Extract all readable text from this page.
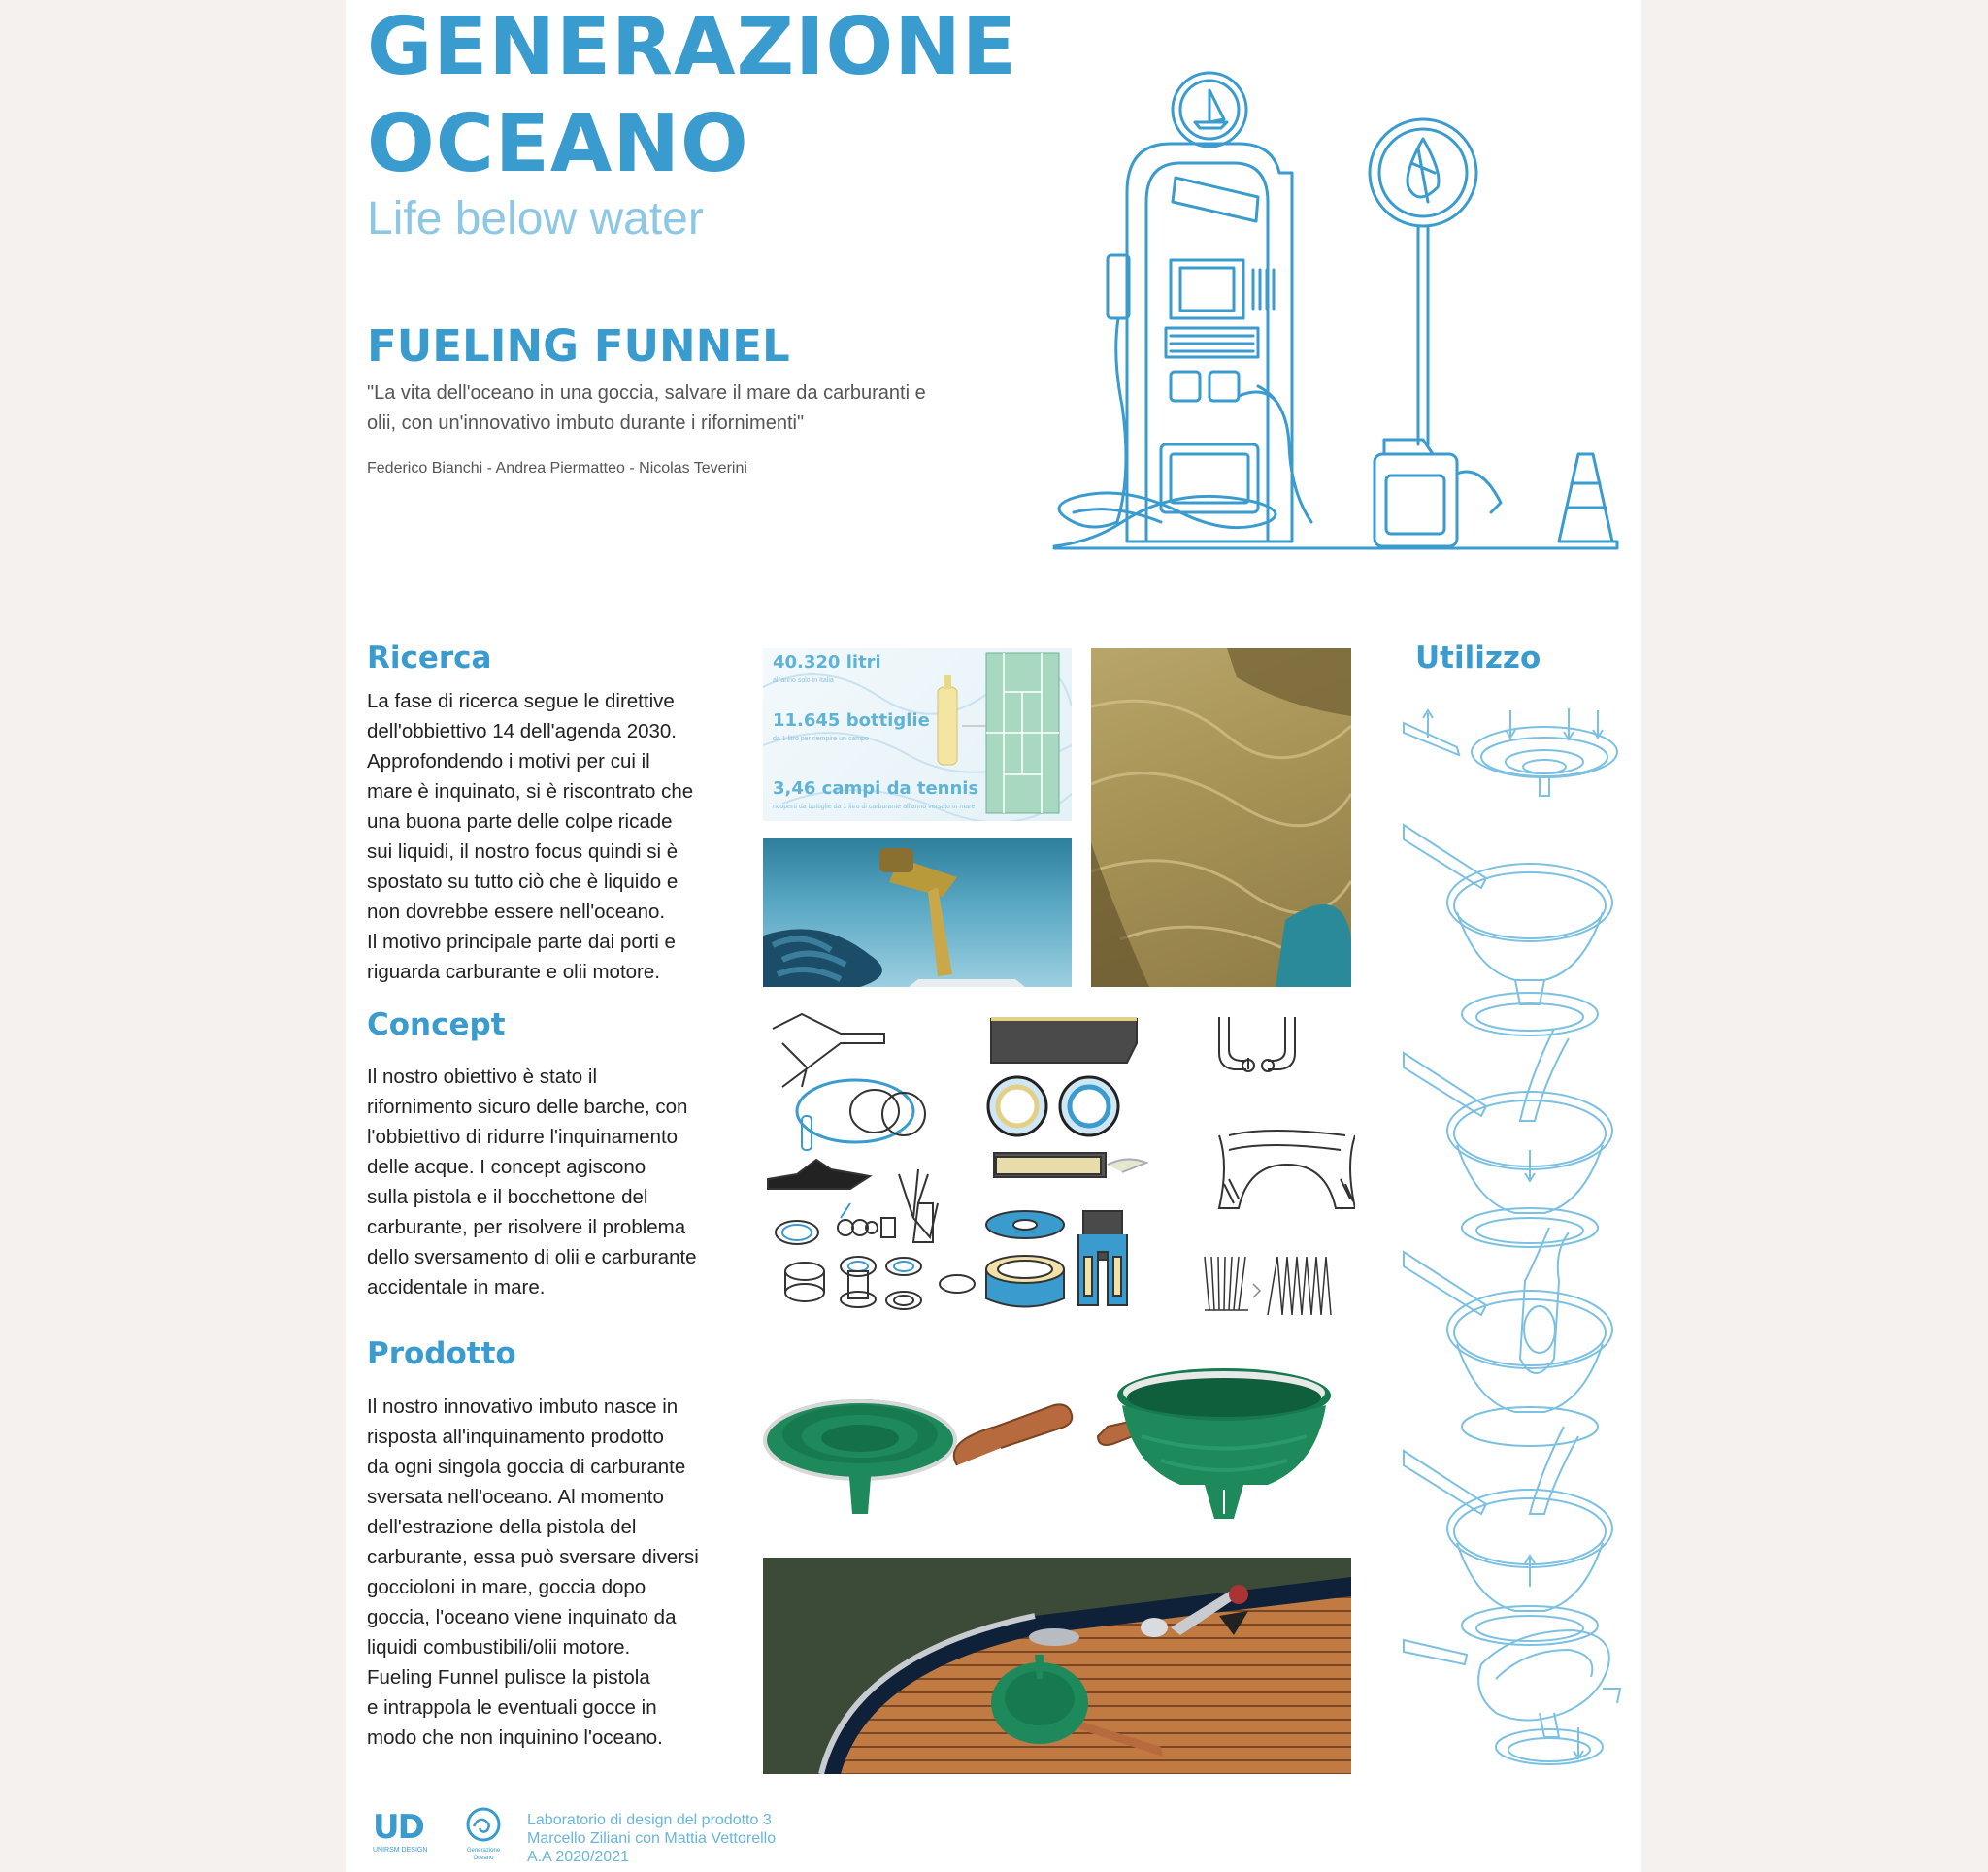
GENERAZIONE
OCEANO
Life below water
FUELING FUNNEL
"La vita dell'oceano in una goccia, salvare il mare da carburanti e
olii, con un'innovativo imbuto durante i rifornimenti"
Federico Bianchi - Andrea Piermatteo - Nicolas Teverini
Ricerca
La fase di ricerca segue le direttive
dell'obbiettivo 14 dell'agenda 2030.
Approfondendo i motivi per cui il
mare è inquinato, si è riscontrato che
una buona parte delle colpe ricade
sui liquidi, il nostro focus quindi si è
spostato su tutto ciò che è liquido e
non dovrebbe essere nell'oceano.
Il motivo principale parte dai porti e
riguarda carburante e olii motore.
40.320 litri
all'anno solo in Italia
11.645 bottiglie
da 1 litro per riempire un campo
3,46 campi da tennis
ricoperti da bottiglie da 1 litro di carburante all'anno versato in mare
Concept
Il nostro obiettivo è stato il
rifornimento sicuro delle barche, con
l'obbiettivo di ridurre l'inquinamento
delle acque. I concept agiscono
sulla pistola e il bocchettone del
carburante, per risolvere il problema
dello sversamento di olii e carburante
accidentale in mare.
Prodotto
Il nostro innovativo imbuto nasce in
risposta all'inquinamento prodotto
da ogni singola goccia di carburante
sversata nell'oceano. Al momento
dell'estrazione della pistola del
carburante, essa può sversare diversi
goccioloni in mare, goccia dopo
goccia, l'oceano viene inquinato da
liquidi combustibili/olii motore.
Fueling Funnel pulisce la pistola
e intrappola le eventuali gocce in
modo che non inquinino l'oceano.
Utilizzo
UD
UNIRSM DESIGN	Generazione
Oceano
Laboratorio di design del prodotto 3
Marcello Ziliani con Mattia Vettorello
A.A 2020/2021
